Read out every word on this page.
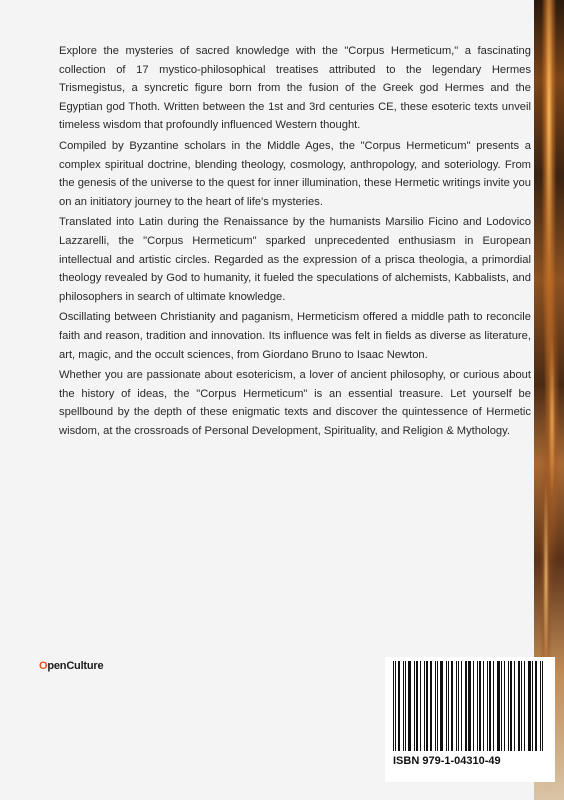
Explore the mysteries of sacred knowledge with the "Corpus Hermeticum," a fascinating collection of 17 mystico-philosophical treatises attributed to the legendary Hermes Trismegistus, a syncretic figure born from the fusion of the Greek god Hermes and the Egyptian god Thoth. Written between the 1st and 3rd centuries CE, these esoteric texts unveil timeless wisdom that profoundly influenced Western thought.

Compiled by Byzantine scholars in the Middle Ages, the "Corpus Hermeticum" presents a complex spiritual doctrine, blending theology, cosmology, anthropology, and soteriology. From the genesis of the universe to the quest for inner illumination, these Hermetic writings invite you on an initiatory journey to the heart of life's mysteries.

Translated into Latin during the Renaissance by the humanists Marsilio Ficino and Lodovico Lazzarelli, the "Corpus Hermeticum" sparked unprecedented enthusiasm in European intellectual and artistic circles. Regarded as the expression of a prisca theologia, a primordial theology revealed by God to humanity, it fueled the speculations of alchemists, Kabbalists, and philosophers in search of ultimate knowledge.

Oscillating between Christianity and paganism, Hermeticism offered a middle path to reconcile faith and reason, tradition and innovation. Its influence was felt in fields as diverse as literature, art, magic, and the occult sciences, from Giordano Bruno to Isaac Newton.

Whether you are passionate about esotericism, a lover of ancient philosophy, or curious about the history of ideas, the "Corpus Hermeticum" is an essential treasure. Let yourself be spellbound by the depth of these enigmatic texts and discover the quintessence of Hermetic wisdom, at the crossroads of Personal Development, Spirituality, and Religion & Mythology.

OpenCulture
ISBN 979-1-04310-49
